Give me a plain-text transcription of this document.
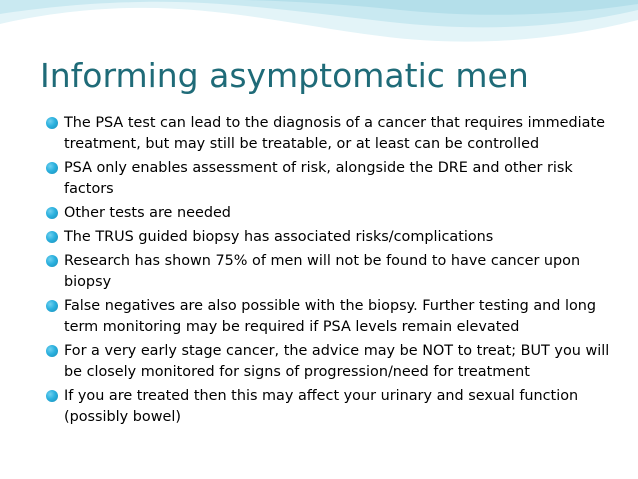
Informing asymptomatic men
The PSA test can lead to the diagnosis of a cancer that requires immediate treatment, but may still be treatable, or at least can be controlled
PSA only enables assessment of risk, alongside the DRE and other risk factors
Other tests are needed
The TRUS guided biopsy has associated risks/complications
Research has shown 75% of men will not be found to have cancer upon biopsy
False negatives are also possible with the biopsy. Further testing and long term monitoring may be required if PSA levels remain elevated
For a very early stage cancer, the advice may be NOT to treat; BUT you will be closely monitored for signs of progression/need for treatment
If you are treated then this may affect your urinary and sexual function (possibly bowel)
